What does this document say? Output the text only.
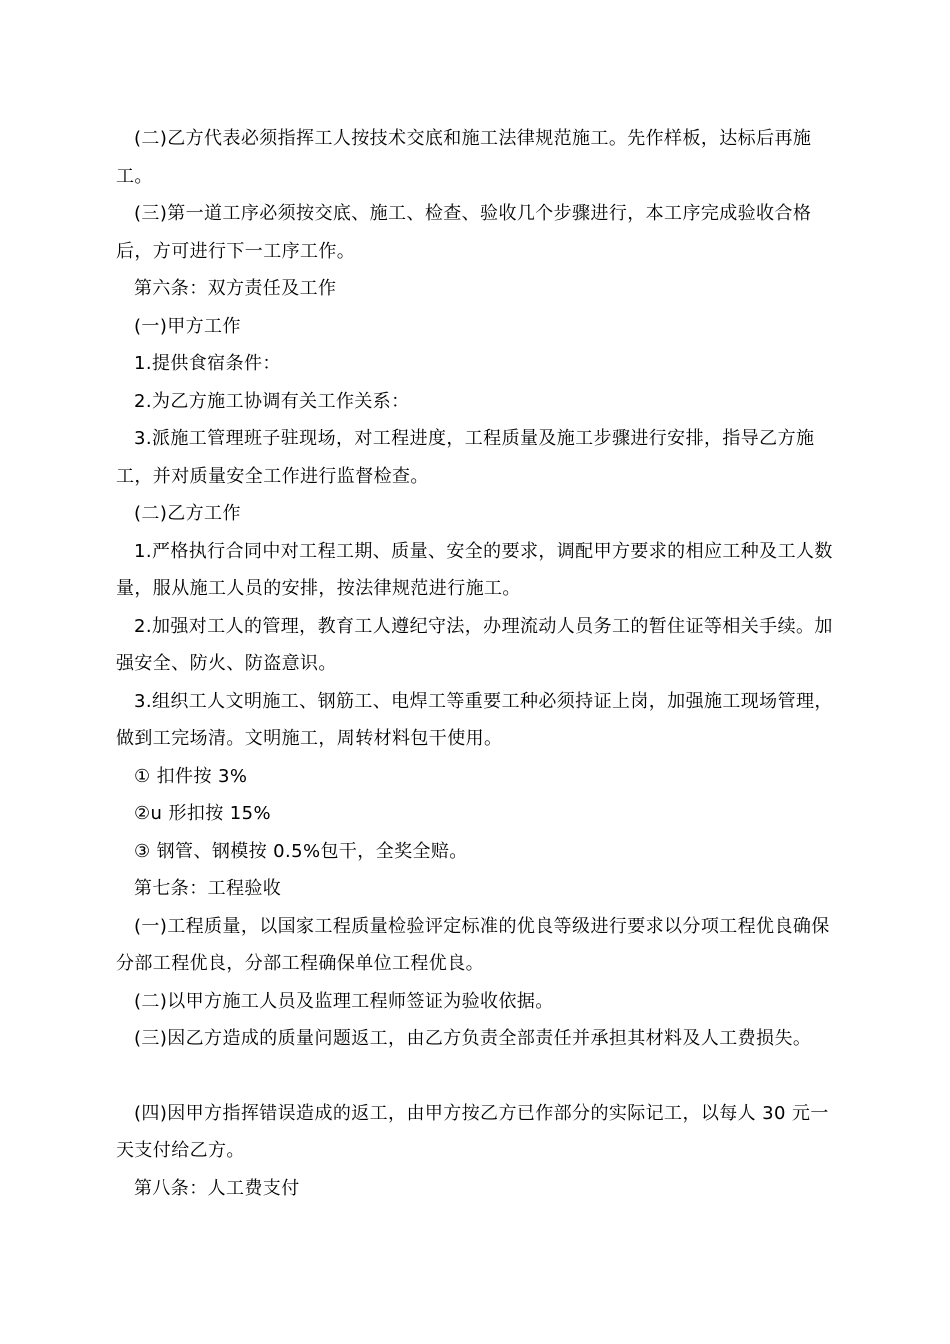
(二)乙方代表必须指挥工人按技术交底和施工法律规范施工。先作样板，达标后再施工。

(三)第一道工序必须按交底、施工、检查、验收几个步骤进行，本工序完成验收合格后，方可进行下一工序工作。

第六条：双方责任及工作

(一)甲方工作

1.提供食宿条件：

2.为乙方施工协调有关工作关系：

3.派施工管理班子驻现场，对工程进度，工程质量及施工步骤进行安排，指导乙方施工，并对质量安全工作进行监督检查。

(二)乙方工作

1.严格执行合同中对工程工期、质量、安全的要求，调配甲方要求的相应工种及工人数量，服从施工人员的安排，按法律规范进行施工。

2.加强对工人的管理，教育工人遵纪守法，办理流动人员务工的暂住证等相关手续。加强安全、防火、防盗意识。

3.组织工人文明施工、钢筋工、电焊工等重要工种必须持证上岗，加强施工现场管理，做到工完场清。文明施工，周转材料包干使用。

① 扣件按 3%

②u 形扣按 15%

③ 钢管、钢模按 0.5%包干，全奖全赔。

第七条：工程验收

(一)工程质量，以国家工程质量检验评定标准的优良等级进行要求以分项工程优良确保分部工程优良，分部工程确保单位工程优良。

(二)以甲方施工人员及监理工程师签证为验收依据。

(三)因乙方造成的质量问题返工，由乙方负责全部责任并承担其材料及人工费损失。

(四)因甲方指挥错误造成的返工，由甲方按乙方已作部分的实际记工，以每人 30 元一天支付给乙方。

第八条：人工费支付
